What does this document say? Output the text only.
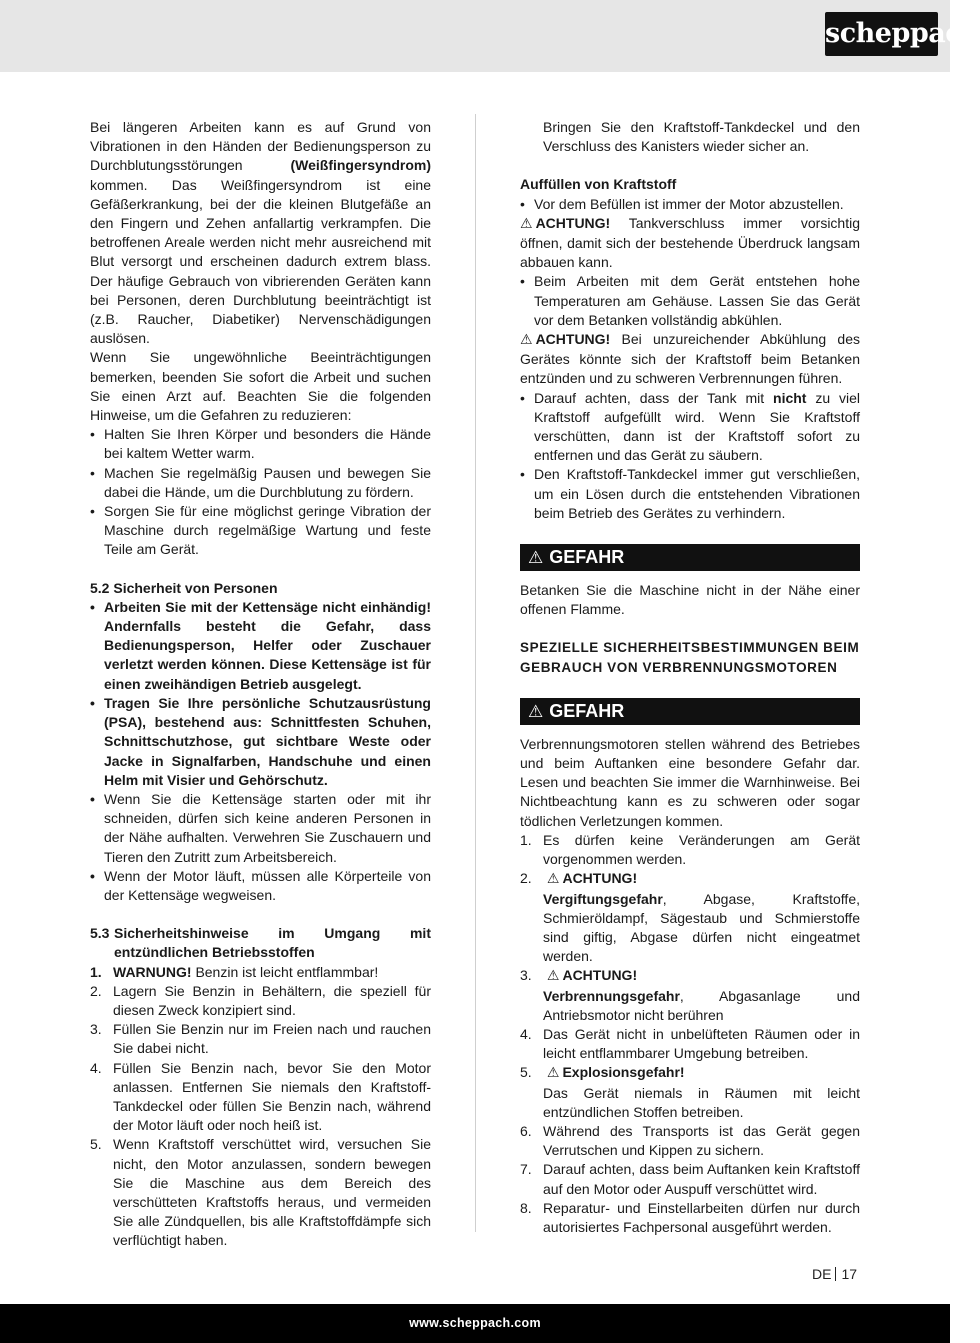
scheppach

Bei längeren Arbeiten kann es auf Grund von Vibrationen in den Händen der Bedienungsperson zu Durchblutungsstörungen	(Weißfingersyndrom) kommen. Das Weißfingersyndrom ist eine Gefäßerkrankung, bei der die kleinen Blutgefäße an den Fingern und Zehen anfallartig verkrampfen. Die betroffenen Areale werden nicht mehr ausreichend mit Blut versorgt und erscheinen dadurch extrem blass. Der häufige Gebrauch von vibrierenden Geräten kann bei Personen, deren Durchblutung beeinträchtigt ist (z.B. Raucher, Diabetiker) Nervenschädigungen auslösen.

Wenn Sie ungewöhnliche Beeinträchtigungen bemerken, beenden Sie sofort die Arbeit und suchen Sie einen Arzt auf. Beachten Sie die folgenden Hinweise, um die Gefahren zu reduzieren:

• Halten Sie Ihren Körper und besonders die Hände bei kaltem Wetter warm.
• Machen Sie regelmäßig Pausen und bewegen Sie dabei die Hände, um die Durchblutung zu fördern.
• Sorgen Sie für eine möglichst geringe Vibration der Maschine durch regelmäßige Wartung und feste Teile am Gerät.

5.2 Sicherheit von Personen

• Arbeiten Sie mit der Kettensäge nicht einhändig! Andernfalls besteht die Gefahr, dass Bedienungsperson, Helfer oder Zuschauer verletzt werden können. Diese Kettensäge ist für einen zweihändigen Betrieb ausgelegt.
• Tragen Sie Ihre persönliche Schutzausrüstung (PSA), bestehend aus: Schnittfesten Schuhen, Schnittschutzhose, gut sichtbare Weste oder Jacke in Signalfarben, Handschuhe und einen Helm mit Visier und Gehörschutz.
• Wenn Sie die Kettensäge starten oder mit ihr schneiden, dürfen sich keine anderen Personen in der Nähe aufhalten. Verwehren Sie Zuschauern und Tieren den Zutritt zum Arbeitsbereich.
• Wenn der Motor läuft, müssen alle Körperteile von der Kettensäge wegweisen.

5.3 Sicherheitshinweise im Umgang mit entzündlichen Betriebsstoffen

1. WARNUNG! Benzin ist leicht entflammbar!
2. Lagern Sie Benzin in Behältern, die speziell für diesen Zweck konzipiert sind.
3. Füllen Sie Benzin nur im Freien nach und rauchen Sie dabei nicht.
4. Füllen Sie Benzin nach, bevor Sie den Motor anlassen. Entfernen Sie niemals den Kraftstoff-Tankdeckel oder füllen Sie Benzin nach, während der Motor läuft oder noch heiß ist.
5. Wenn Kraftstoff verschüttet wird, versuchen Sie nicht, den Motor anzulassen, sondern bewegen Sie die Maschine aus dem Bereich des verschütteten Kraftstoffs heraus, und vermeiden Sie alle Zündquellen, bis alle Kraftstoffdämpfe sich verflüchtigt haben.

Bringen Sie den Kraftstoff-Tankdeckel und den Verschluss des Kanisters wieder sicher an.

Auffüllen von Kraftstoff

• Vor dem Befüllen ist immer der Motor abzustellen.

⚠ ACHTUNG! Tankverschluss immer vorsichtig öffnen, damit sich der bestehende Überdruck langsam abbauen kann.

• Beim Arbeiten mit dem Gerät entstehen hohe Temperaturen am Gehäuse. Lassen Sie das Gerät vor dem Betanken vollständig abkühlen.

⚠ ACHTUNG! Bei unzureichender Abkühlung des Gerätes könnte sich der Kraftstoff beim Betanken entzünden und zu schweren Verbrennungen führen.

• Darauf achten, dass der Tank mit nicht zu viel Kraftstoff aufgefüllt wird. Wenn Sie Kraftstoff verschütten, dann ist der Kraftstoff sofort zu entfernen und das Gerät zu säubern.
• Den Kraftstoff-Tankdeckel immer gut verschließen, um ein Lösen durch die entstehenden Vibrationen beim Betrieb des Gerätes zu verhindern.
⚠ GEFAHR

Betanken Sie die Maschine nicht in der Nähe einer offenen Flamme.

SPEZIELLE SICHERHEITSBESTIMMUNGEN BEIM GEBRAUCH VON VERBRENNUNGSMOTOREN

⚠ GEFAHR

Verbrennungsmotoren stellen während des Betriebes und beim Auftanken eine besondere Gefahr dar. Lesen und beachten Sie immer die Warnhinweise. Bei Nichtbeachtung kann es zu schweren oder sogar tödlichen Verletzungen kommen.

1. Es dürfen keine Veränderungen am Gerät vorgenommen werden.
2. ⚠ ACHTUNG!
Vergiftungsgefahr, Abgase, Kraftstoffe, Schmieröldampf, Sägestaub und Schmierstoffe sind giftig, Abgase dürfen nicht eingeatmet werden.
3. ⚠ ACHTUNG!
Verbrennungsgefahr, Abgasanlage und Antriebsmotor nicht berühren
4. Das Gerät nicht in unbelüfteten Räumen oder in leicht entflammbarer Umgebung betreiben.
5. ⚠ Explosionsgefahr!
Das Gerät niemals in Räumen mit leicht entzündlichen Stoffen betreiben.
6. Während des Transports ist das Gerät gegen Verrutschen und Kippen zu sichern.
7. Darauf achten, dass beim Auftanken kein Kraftstoff auf den Motor oder Auspuff verschüttet wird.
8. Reparatur- und Einstellarbeiten dürfen nur durch autorisiertes Fachpersonal ausgeführt werden.
DE 17
www.scheppach.com
